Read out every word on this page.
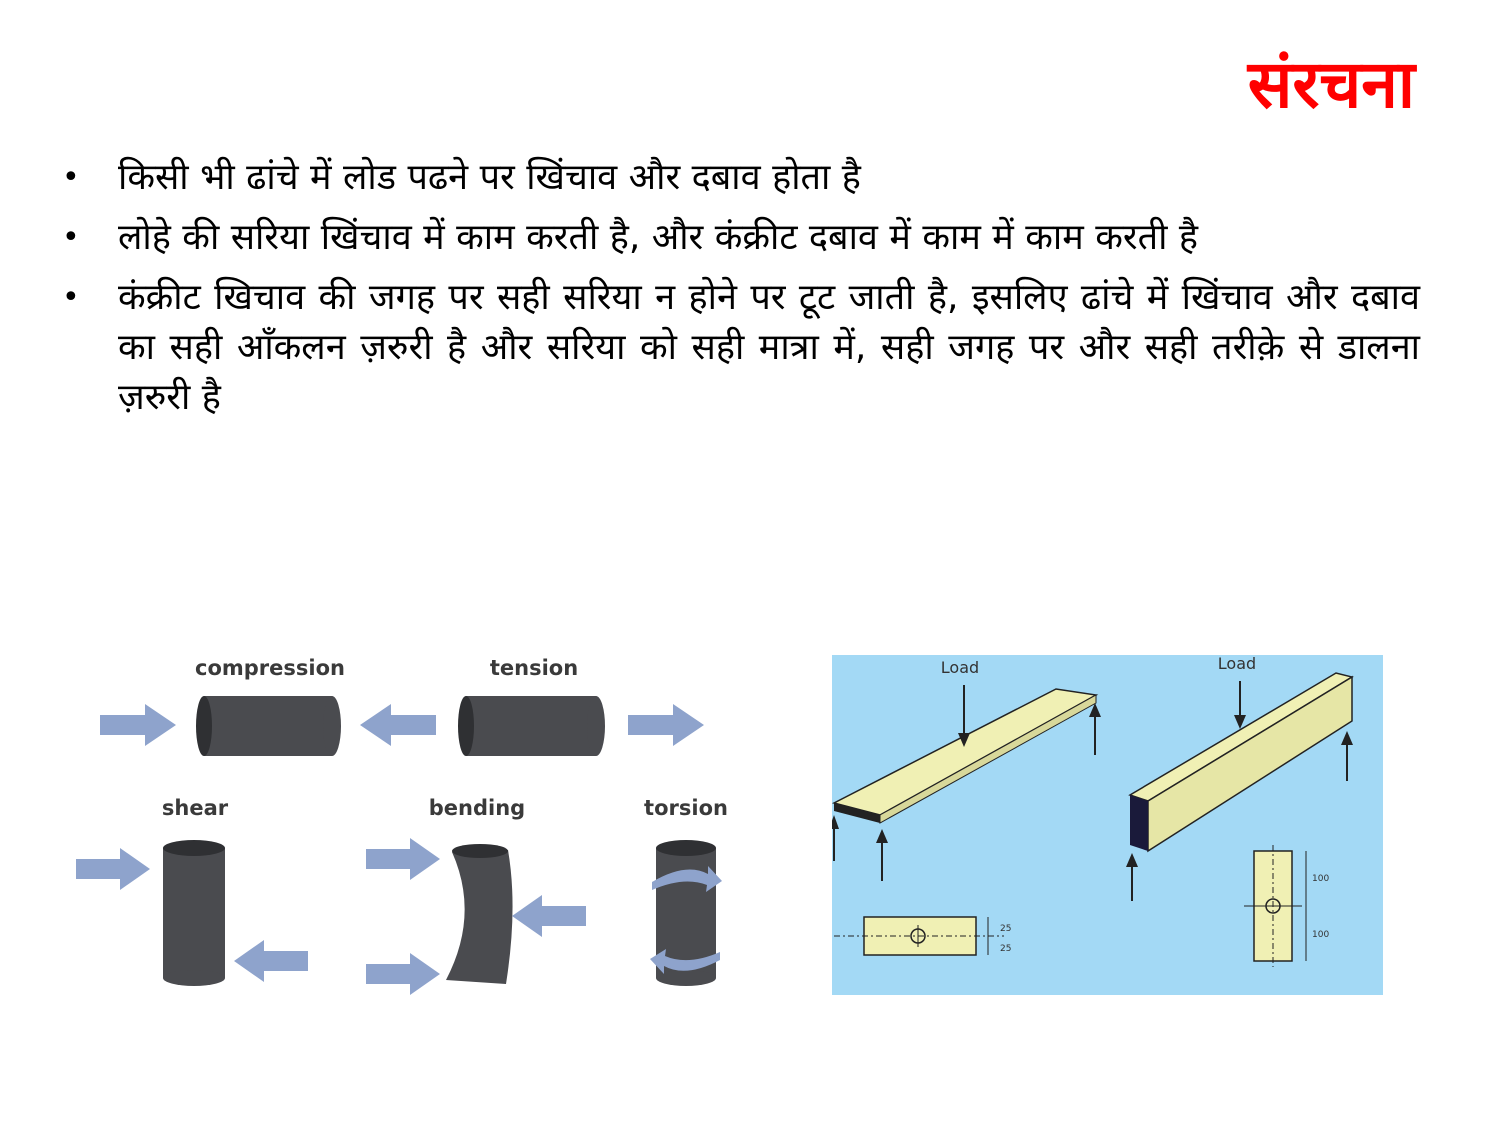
संरचना
• किसी भी ढांचे में लोड पढने पर खिंचाव और दबाव होता है
• लोहे की सरिया खिंचाव में काम करती है, और कंक्रीट दबाव में काम में काम करती है
• कंक्रीट खिचाव की जगह पर सही सरिया न होने पर टूट जाती है, इसलिए ढांचे में खिंचाव और दबाव का सही आँकलन ज़रुरी है और सरिया को सही मात्रा में, सही जगह पर और सही तरीक़े से डालना ज़रुरी है
compression	tension
shear	bending	torsion
Load	Load
25
25
100
100
